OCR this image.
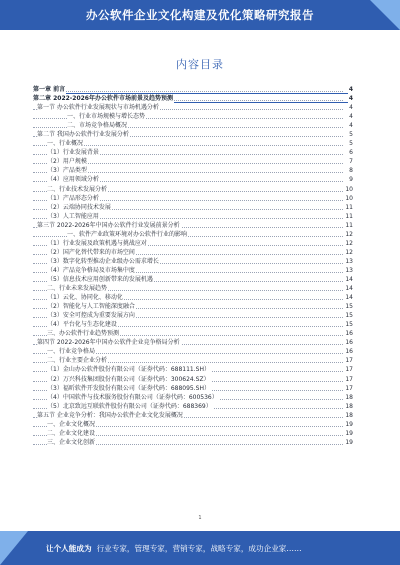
办公软件企业文化构建及优化策略研究报告
内容目录
第一章 前言	4
第二章 2022-2026年办公软件市场前景及趋势预测	4
第一节 办公软件行业发展现状与市场机遇分析	4
一、行业市场规模与增长态势	4
二、市场竞争格局概况	4
第二节 我国办公软件行业发展分析	5
一、行业概况	5
（1）行业发展背景	6
（2）用户规模	7
（3）产品类型	8
（4）应用领域分析	9
二、行业技术发展分析	10
（1）产品形态分析	10
（2）云端协同技术发展	11
（3）人工智能应用	11
第三节 2022-2026年中国办公软件行业发展前景分析	11
一、软件产业政策环境对办公软件行业的影响	12
（1）行业发展及政策机遇与挑战应对	12
（2）国产化替代带来的市场空间	12
（3）数字化转型推动企业级办公需求增长	13
（4）产品竞争格局及市场集中度	13
（5）信息技术应用创新带来的发展机遇	14
二、行业未来发展趋势	14
（1）云化、协同化、移动化	14
（2）智能化与人工智能深度融合	15
（3）安全可控成为重要发展方向	15
（4）平台化与生态化建设	15
三、办公软件行业趋势预测	16
第四节 2022-2026年中国办公软件企业竞争格局分析	16
一、行业竞争格局	16
二、行业主要企业分析	17
（1）金山办公软件股份有限公司（证券代码：688111.SH）	17
（2）万兴科技集团股份有限公司（证券代码：300624.SZ）	17
（3）福昕软件开发股份有限公司（证券代码：688095.SH）	17
（4）中国软件与技术服务股份有限公司（证券代码：600536）	18
（5）北京致远互联软件股份有限公司（证券代码：688369）	18
第五节 企业竞争分析：我国办公软件企业文化发展概况	18
一、企业文化概况	19
二、企业文化建设	19
三、企业文化创新	19
1
让个人能成为 行业专家，管理专家，营销专家，战略专家，成功企业家……
